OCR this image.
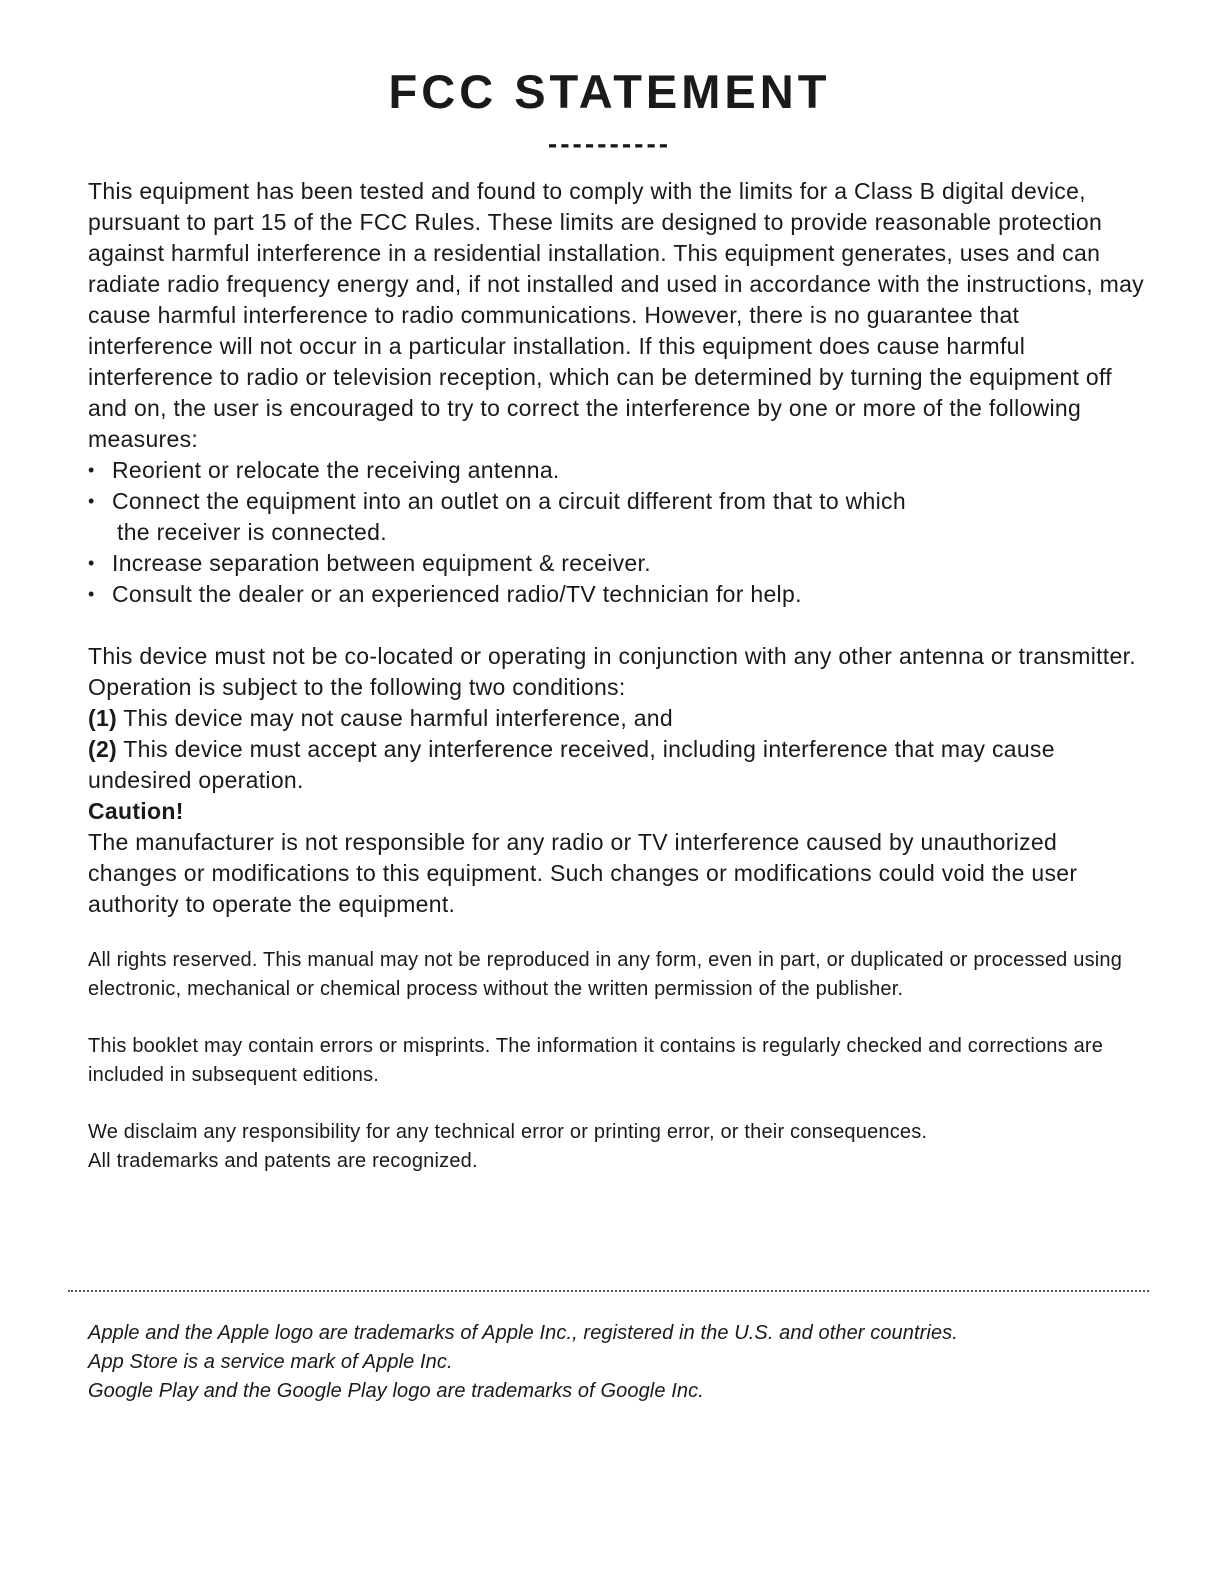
FCC STATEMENT
----------

This equipment has been tested and found to comply with the limits for a Class B digital device, pursuant to part 15 of the FCC Rules. These limits are designed to provide reasonable protection against harmful interference in a residential installation. This equipment generates, uses and can radiate radio frequency energy and, if not installed and used in accordance with the instructions, may cause harmful interference to radio communications. However, there is no guarantee that interference will not occur in a particular installation. If this equipment does cause harmful interference to radio or television reception, which can be determined by turning the equipment off and on, the user is encouraged to try to correct the interference by one or more of the following measures:

• Reorient or relocate the receiving antenna.
• Connect the equipment into an outlet on a circuit different from that to which
the receiver is connected.
• Increase separation between equipment & receiver.
• Consult the dealer or an experienced radio/TV technician for help.

This device must not be co-located or operating in conjunction with any other antenna or transmitter.

Operation is subject to the following two conditions:

(1) This device may not cause harmful interference, and

(2) This device must accept any interference received, including interference that may cause undesired operation.

Caution!

The manufacturer is not responsible for any radio or TV interference caused by unauthorized changes or modifications to this equipment. Such changes or modifications could void the user authority to operate the equipment.

All rights reserved. This manual may not be reproduced in any form, even in part, or duplicated or processed using electronic, mechanical or chemical process without the written permission of the publisher.

This booklet may contain errors or misprints. The information it contains is regularly checked and corrections are included in subsequent editions.

We disclaim any responsibility for any technical error or printing error, or their consequences.

All trademarks and patents are recognized.

Apple and the Apple logo are trademarks of Apple Inc., registered in the U.S. and other countries.

App Store is a service mark of Apple Inc.

Google Play and the Google Play logo are trademarks of Google Inc.
